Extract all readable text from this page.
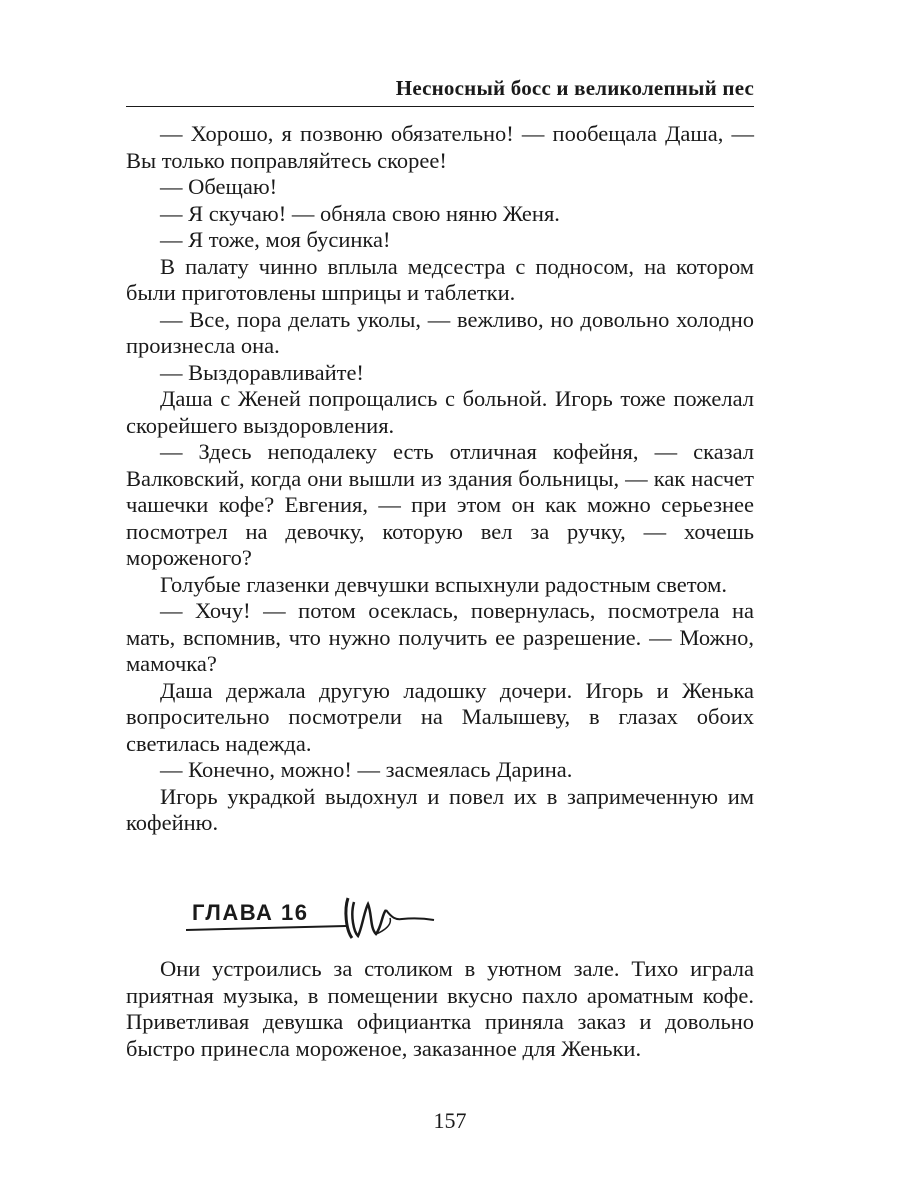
Несносный босс и великолепный пес

— Хорошо, я позвоню обязательно! — пообещала Даша, — Вы только поправляйтесь скорее!

— Обещаю!

— Я скучаю! — обняла свою няню Женя.

— Я тоже, моя бусинка!

В палату чинно вплыла медсестра с подносом, на котором были приготовлены шприцы и таблетки.

— Все, пора делать уколы, — вежливо, но довольно холодно произнесла она.

— Выздоравливайте!

Даша с Женей попрощались с больной. Игорь тоже пожелал скорейшего выздоровления.

— Здесь неподалеку есть отличная кофейня, — сказал Валковский, когда они вышли из здания больницы, — как насчет чашечки кофе? Евгения, — при этом он как можно серьезнее посмотрел на девочку, которую вел за ручку, — хочешь мороженого?

Голубые глазенки девчушки вспыхнули радостным светом.

— Хочу! — потом осеклась, повернулась, посмотрела на мать, вспомнив, что нужно получить ее разрешение. — Можно, мамочка?

Даша держала другую ладошку дочери. Игорь и Женька вопросительно посмотрели на Малышеву, в глазах обоих светилась надежда.

— Конечно, можно! — засмеялась Дарина.

Игорь украдкой выдохнул и повел их в запримеченную им кофейню.

ГЛАВА 16

Они устроились за столиком в уютном зале. Тихо играла приятная музыка, в помещении вкусно пахло ароматным кофе. Приветливая девушка официантка приняла заказ и довольно быстро принесла мороженое, заказанное для Женьки.

157
